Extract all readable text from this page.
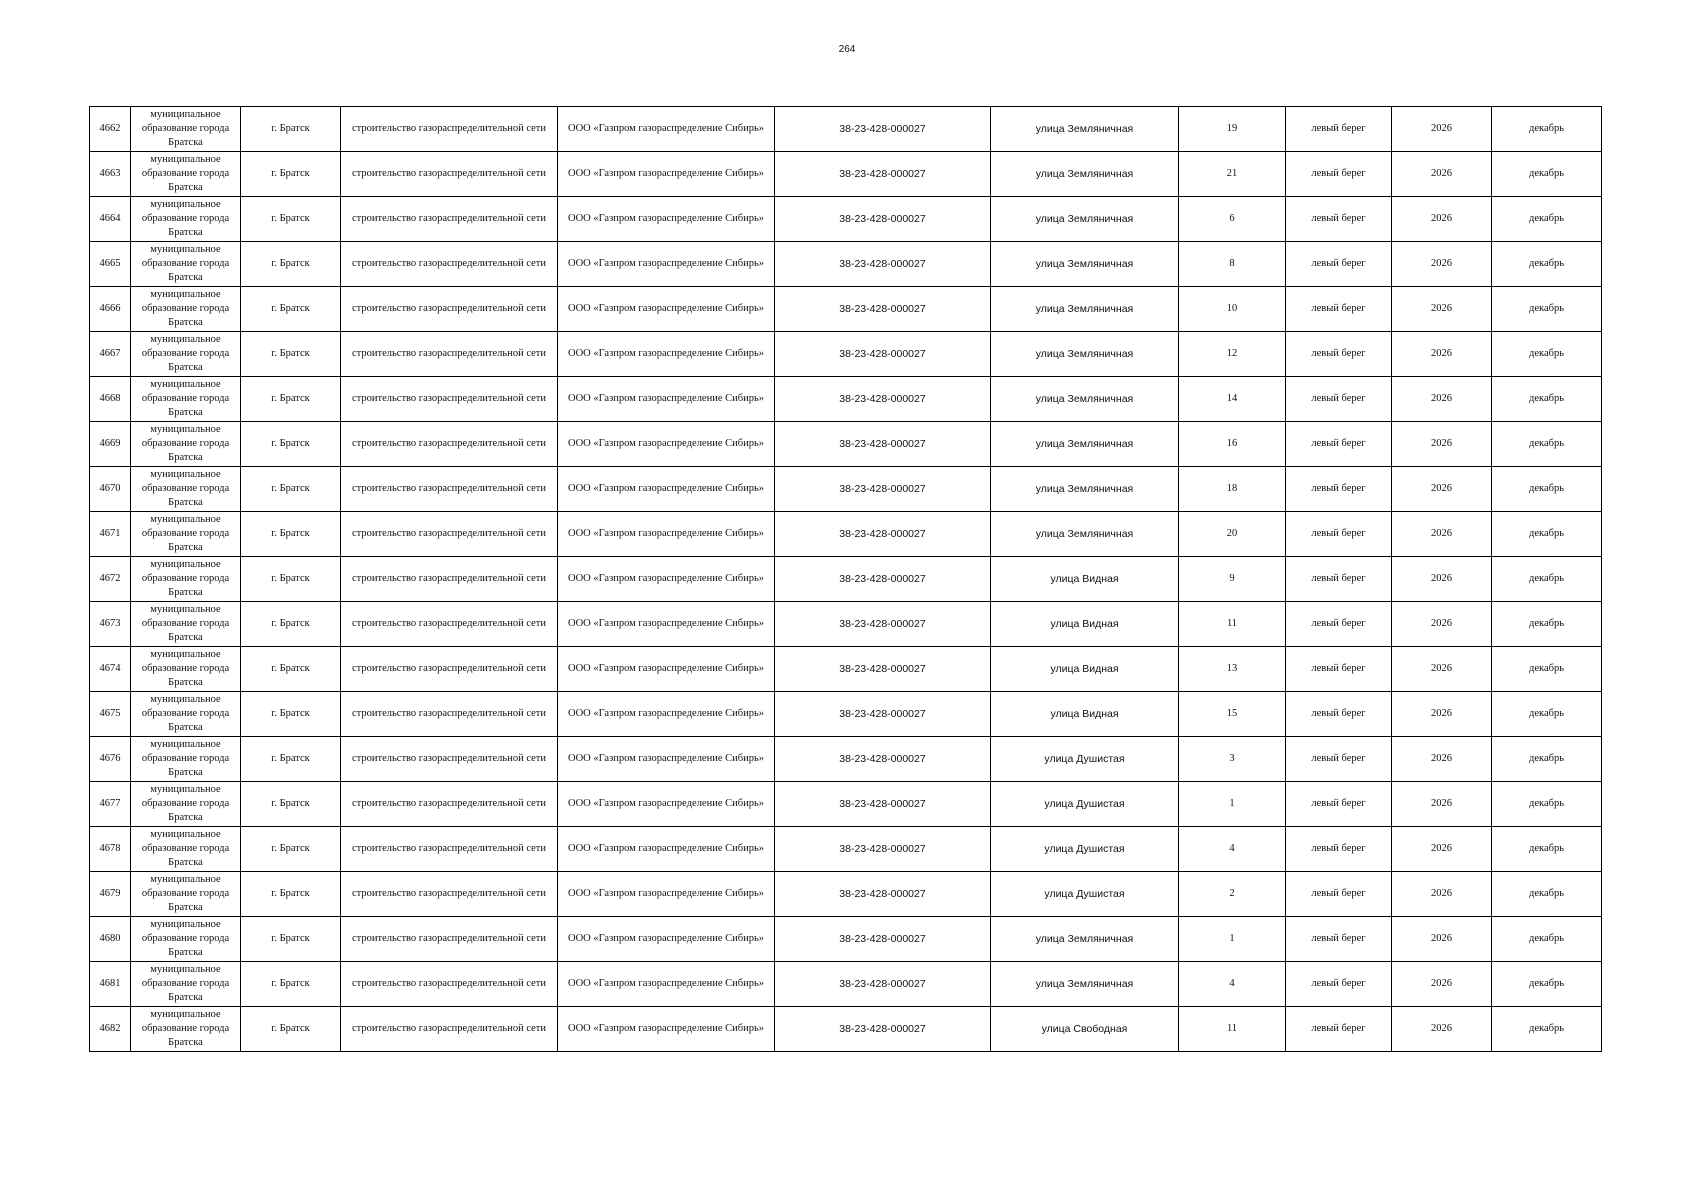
264
4662	муниципальное образование города Братска	г. Братск	строительство газораспределительной сети	ООО «Газпром газораспределение Сибирь»	38-23-428-000027	улица Земляничная	19	левый берег	2026	декабрь
4663	муниципальное образование города Братска	г. Братск	строительство газораспределительной сети	ООО «Газпром газораспределение Сибирь»	38-23-428-000027	улица Земляничная	21	левый берег	2026	декабрь
4664	муниципальное образование города Братска	г. Братск	строительство газораспределительной сети	ООО «Газпром газораспределение Сибирь»	38-23-428-000027	улица Земляничная	6	левый берег	2026	декабрь
4665	муниципальное образование города Братска	г. Братск	строительство газораспределительной сети	ООО «Газпром газораспределение Сибирь»	38-23-428-000027	улица Земляничная	8	левый берег	2026	декабрь
4666	муниципальное образование города Братска	г. Братск	строительство газораспределительной сети	ООО «Газпром газораспределение Сибирь»	38-23-428-000027	улица Земляничная	10	левый берег	2026	декабрь
4667	муниципальное образование города Братска	г. Братск	строительство газораспределительной сети	ООО «Газпром газораспределение Сибирь»	38-23-428-000027	улица Земляничная	12	левый берег	2026	декабрь
4668	муниципальное образование города Братска	г. Братск	строительство газораспределительной сети	ООО «Газпром газораспределение Сибирь»	38-23-428-000027	улица Земляничная	14	левый берег	2026	декабрь
4669	муниципальное образование города Братска	г. Братск	строительство газораспределительной сети	ООО «Газпром газораспределение Сибирь»	38-23-428-000027	улица Земляничная	16	левый берег	2026	декабрь
4670	муниципальное образование города Братска	г. Братск	строительство газораспределительной сети	ООО «Газпром газораспределение Сибирь»	38-23-428-000027	улица Земляничная	18	левый берег	2026	декабрь
4671	муниципальное образование города Братска	г. Братск	строительство газораспределительной сети	ООО «Газпром газораспределение Сибирь»	38-23-428-000027	улица Земляничная	20	левый берег	2026	декабрь
4672	муниципальное образование города Братска	г. Братск	строительство газораспределительной сети	ООО «Газпром газораспределение Сибирь»	38-23-428-000027	улица Видная	9	левый берег	2026	декабрь
4673	муниципальное образование города Братска	г. Братск	строительство газораспределительной сети	ООО «Газпром газораспределение Сибирь»	38-23-428-000027	улица Видная	11	левый берег	2026	декабрь
4674	муниципальное образование города Братска	г. Братск	строительство газораспределительной сети	ООО «Газпром газораспределение Сибирь»	38-23-428-000027	улица Видная	13	левый берег	2026	декабрь
4675	муниципальное образование города Братска	г. Братск	строительство газораспределительной сети	ООО «Газпром газораспределение Сибирь»	38-23-428-000027	улица Видная	15	левый берег	2026	декабрь
4676	муниципальное образование города Братска	г. Братск	строительство газораспределительной сети	ООО «Газпром газораспределение Сибирь»	38-23-428-000027	улица Душистая	3	левый берег	2026	декабрь
4677	муниципальное образование города Братска	г. Братск	строительство газораспределительной сети	ООО «Газпром газораспределение Сибирь»	38-23-428-000027	улица Душистая	1	левый берег	2026	декабрь
4678	муниципальное образование города Братска	г. Братск	строительство газораспределительной сети	ООО «Газпром газораспределение Сибирь»	38-23-428-000027	улица Душистая	4	левый берег	2026	декабрь
4679	муниципальное образование города Братска	г. Братск	строительство газораспределительной сети	ООО «Газпром газораспределение Сибирь»	38-23-428-000027	улица Душистая	2	левый берег	2026	декабрь
4680	муниципальное образование города Братска	г. Братск	строительство газораспределительной сети	ООО «Газпром газораспределение Сибирь»	38-23-428-000027	улица Земляничная	1	левый берег	2026	декабрь
4681	муниципальное образование города Братска	г. Братск	строительство газораспределительной сети	ООО «Газпром газораспределение Сибирь»	38-23-428-000027	улица Земляничная	4	левый берег	2026	декабрь
4682	муниципальное образование города Братска	г. Братск	строительство газораспределительной сети	ООО «Газпром газораспределение Сибирь»	38-23-428-000027	улица Свободная	11	левый берег	2026	декабрь
